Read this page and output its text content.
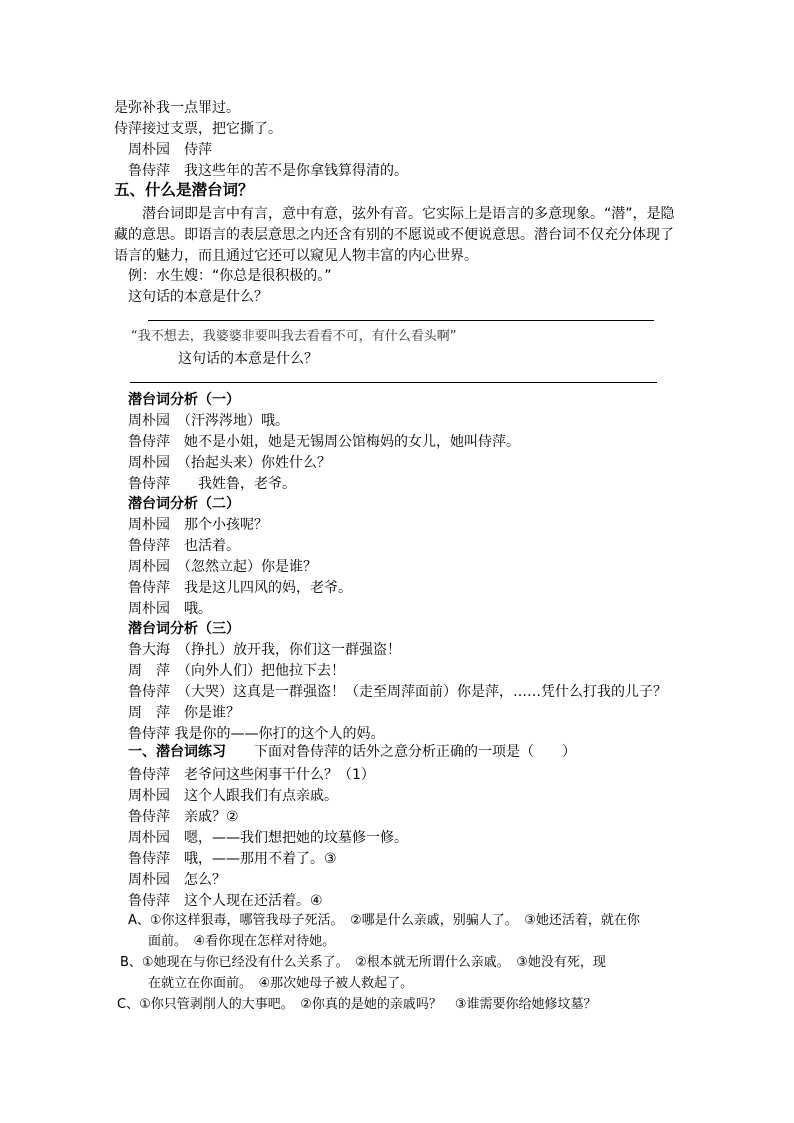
是弥补我一点罪过。
侍萍接过支票，把它撕了。
周朴园　侍萍
鲁侍萍　我这些年的苦不是你拿钱算得清的。
五、什么是潜台词？
潜台词即是言中有言，意中有意，弦外有音。它实际上是语言的多意现象。“潜”，是隐
藏的意思。即语言的表层意思之内还含有别的不愿说或不便说意思。潜台词不仅充分体现了
语言的魅力，而且通过它还可以窥见人物丰富的内心世界。
例：水生嫂：“你总是很积极的。”
这句话的本意是什么？
“我不想去，我婆婆非要叫我去看看不可，有什么看头啊”
这句话的本意是什么？
潜台词分析（一）
周朴园　（汗涔涔地）哦。
鲁侍萍　她不是小姐，她是无锡周公馆梅妈的女儿，她叫侍萍。
周朴园　（抬起头来）你姓什么？
鲁侍萍　　我姓鲁，老爷。
潜台词分析（二）
周朴园　那个小孩呢？
鲁侍萍　也活着。
周朴园　（忽然立起）你是谁？
鲁侍萍　我是这儿四风的妈，老爷。
周朴园　哦。
潜台词分析（三）
鲁大海　（挣扎）放开我，你们这一群强盗！
周　萍　（向外人们）把他拉下去！
鲁侍萍　（大哭）这真是一群强盗！（走至周萍面前）你是萍，……凭什么打我的儿子？
周　萍　你是谁？
鲁侍萍 我是你的——你打的这个人的妈。
一、潜台词练习 下面对鲁侍萍的话外之意分析正确的一项是（　　）
鲁侍萍　老爷问这些闲事干什么？（1）
周朴园　这个人跟我们有点亲戚。
鲁侍萍　亲戚？②
周朴园　嗯，——我们想把她的坟墓修一修。
鲁侍萍　哦，——那用不着了。③
周朴园　怎么？
鲁侍萍　这个人现在还活着。④
A、①你这样狠毒，哪管我母子死活。　②哪是什么亲戚，别骗人了。　③她还活着，就在你
面前。　④看你现在怎样对待她。
B、①她现在与你已经没有什么关系了。　②根本就无所谓什么亲戚。　③她没有死，现
在就立在你面前。　④那次她母子被人救起了。
C、①你只管剥削人的大事吧。　②你真的是她的亲戚吗？　③谁需要你给她修坟墓？
